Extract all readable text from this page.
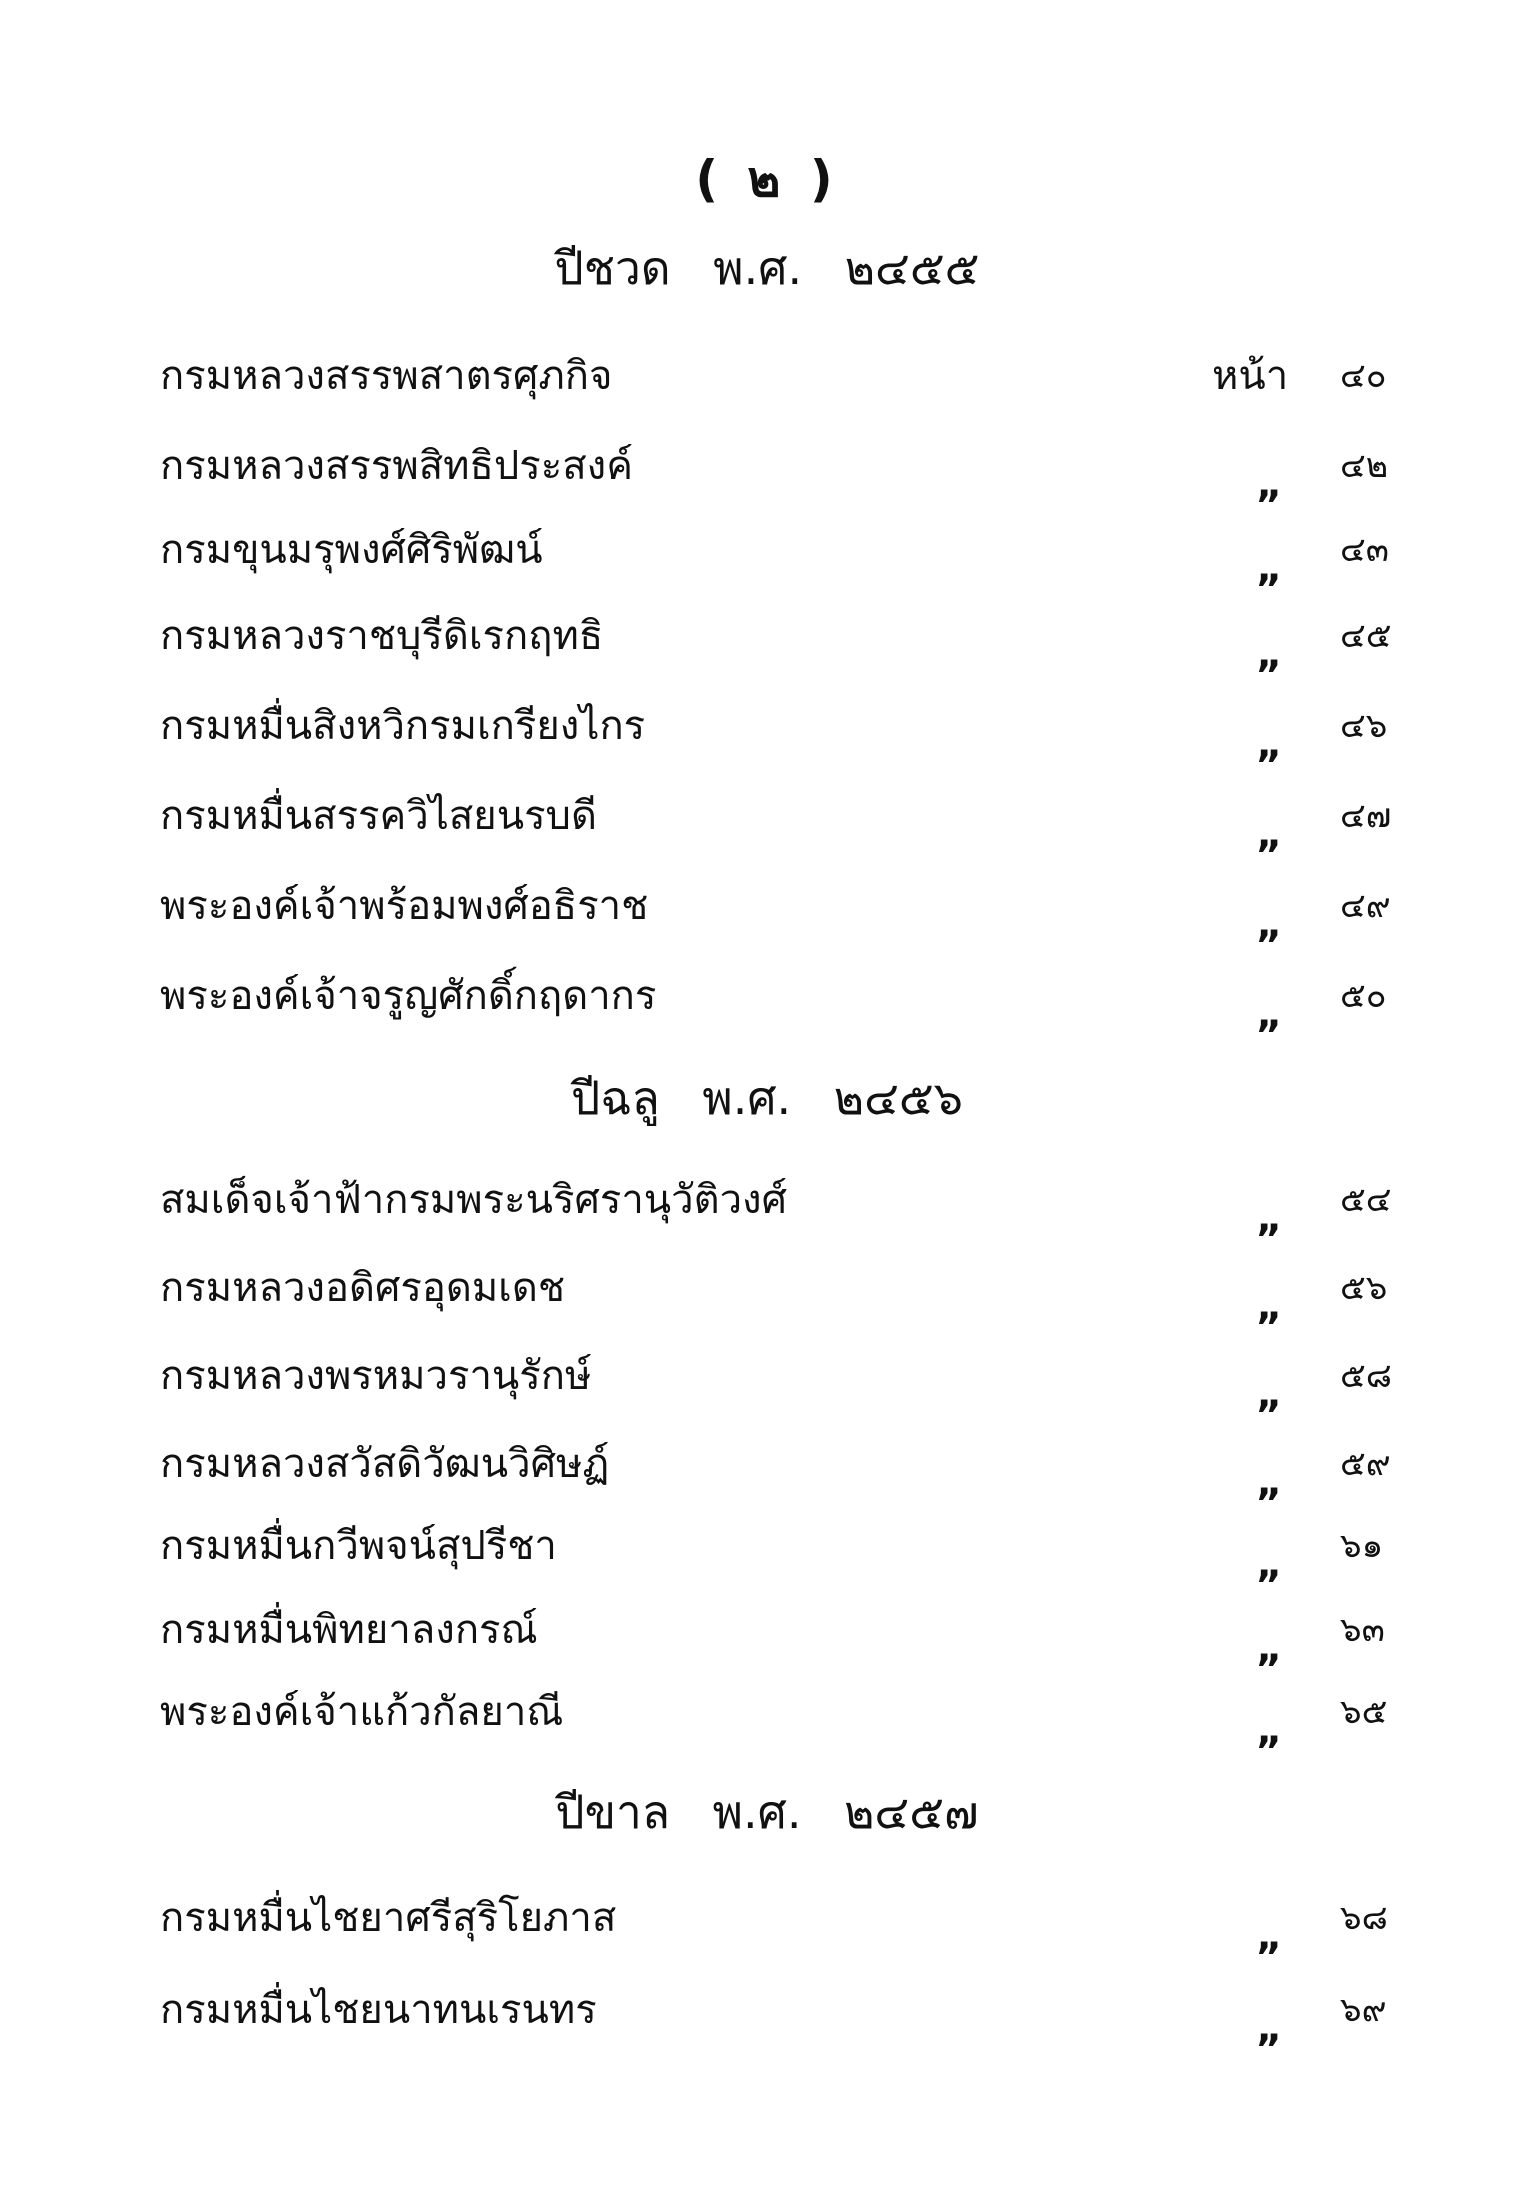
( ๒ )
ปีชวด พ.ศ. ๒๔๕๕
กรมหลวงสรรพสาตรศุภกิจ	หน้า ๔๐
กรมหลวงสรรพสิทธิประสงค์	„ ๔๒
กรมขุนมรุพงศ์ศิริพัฒน์	„ ๔๓
กรมหลวงราชบุรีดิเรกฤทธิ	„ ๔๕
กรมหมื่นสิงหวิกรมเกรียงไกร	„ ๔๖
กรมหมื่นสรรควิไสยนรบดี	„ ๔๗
พระองค์เจ้าพร้อมพงศ์อธิราช	„ ๔๙
พระองค์เจ้าจรูญศักดิ์กฤดากร	„ ๕๐
ปีฉลู พ.ศ. ๒๔๕๖
สมเด็จเจ้าฟ้ากรมพระนริศรานุวัติวงศ์	„ ๕๔
กรมหลวงอดิศรอุดมเดช	„ ๕๖
กรมหลวงพรหมวรานุรักษ์	„ ๕๘
กรมหลวงสวัสดิวัฒนวิศิษฏ์	„ ๕๙
กรมหมื่นกวีพจน์สุปรีชา	„ ๖๑
กรมหมื่นพิทยาลงกรณ์	„ ๖๓
พระองค์เจ้าแก้วกัลยาณี	„ ๖๕
ปีขาล พ.ศ. ๒๔๕๗
กรมหมื่นไชยาศรีสุริโยภาส	„ ๖๘
กรมหมื่นไชยนาทนเรนทร	„ ๖๙
